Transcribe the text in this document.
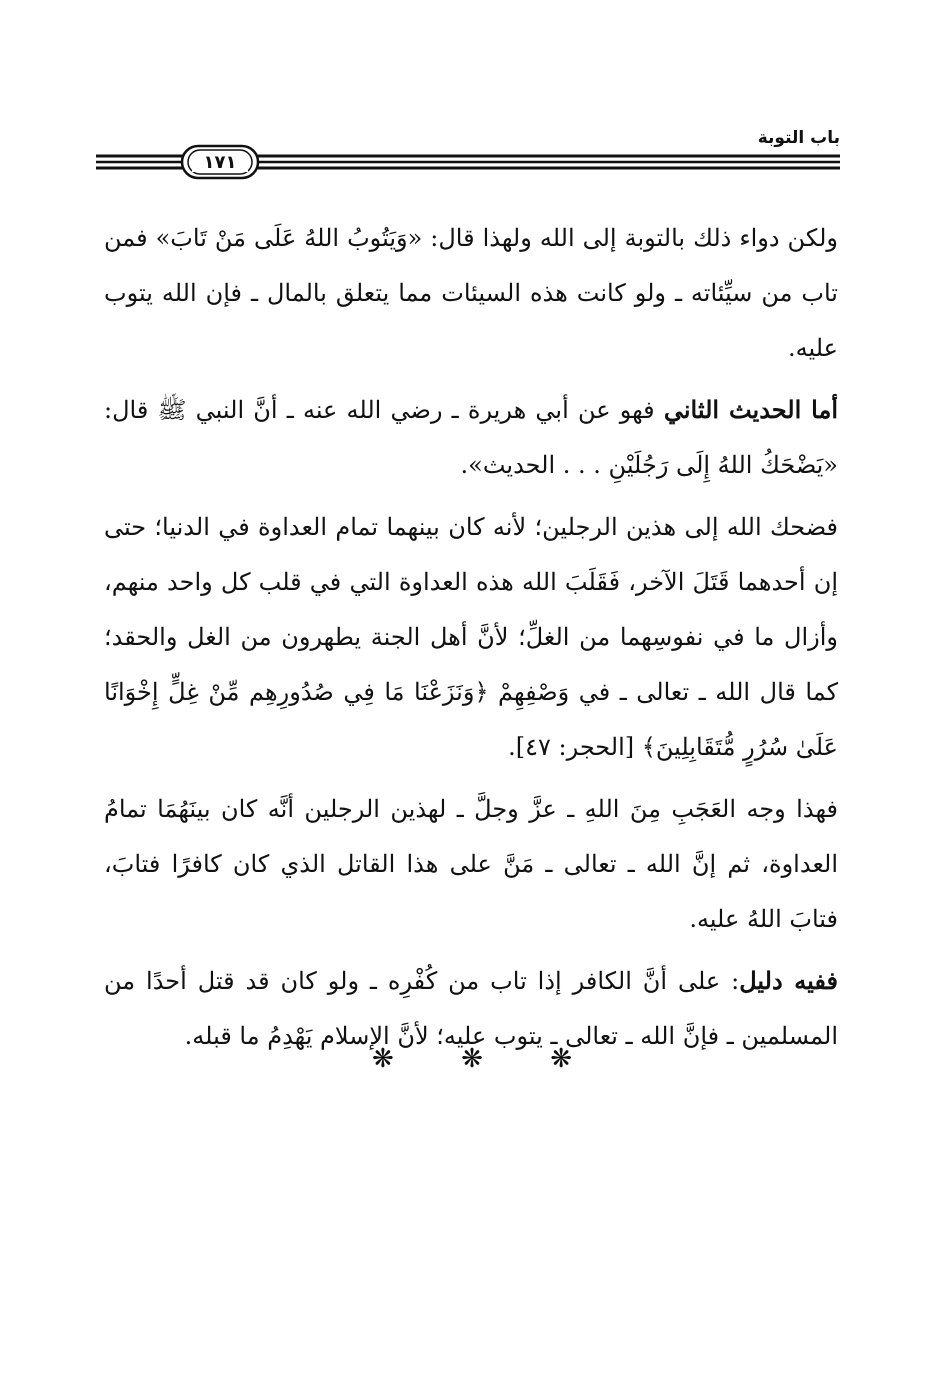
باب التوبة
١٧١

ولكن دواء ذلك بالتوبة إلى الله ولهذا قال: «وَيَتُوبُ اللهُ عَلَى مَنْ تَابَ» فمن تاب من سيِّئاته ـ ولو كانت هذه السيئات مما يتعلق بالمال ـ فإن الله يتوب عليه.

أما الحديث الثاني فهو عن أبي هريرة ـ رضي الله عنه ـ أنَّ النبي ﷺ قال: «يَضْحَكُ اللهُ إِلَى رَجُلَيْنِ . . . الحديث».

فضحك الله إلى هذين الرجلين؛ لأنه كان بينهما تمام العداوة في الدنيا؛ حتى إن أحدهما قَتَلَ الآخر، فَقَلَبَ الله هذه العداوة التي في قلب كل واحد منهم، وأزال ما في نفوسِهما من الغلِّ؛ لأنَّ أهل الجنة يطهرون من الغل والحقد؛ كما قال الله ـ تعالى ـ في وَصْفِهِمْ ﴿وَنَزَعْنَا مَا فِي صُدُورِهِم مِّنْ غِلٍّ إِخْوَانًا عَلَىٰ سُرُرٍ مُّتَقَابِلِينَ﴾ [الحجر: ٤٧].

فهذا وجه العَجَبِ مِنَ اللهِ ـ عزَّ وجلَّ ـ لهذين الرجلين أنَّه كان بينَهُمَا تمامُ العداوة، ثم إنَّ الله ـ تعالى ـ مَنَّ على هذا القاتل الذي كان كافرًا فتابَ، فتابَ اللهُ عليه.

ففيه دليل: على أنَّ الكافر إذا تاب من كُفْرِه ـ ولو كان قد قتل أحدًا من المسلمين ـ فإنَّ الله ـ تعالى ـ يتوب عليه؛ لأنَّ الإسلام يَهْدِمُ ما قبله.

❋	❋	❋
